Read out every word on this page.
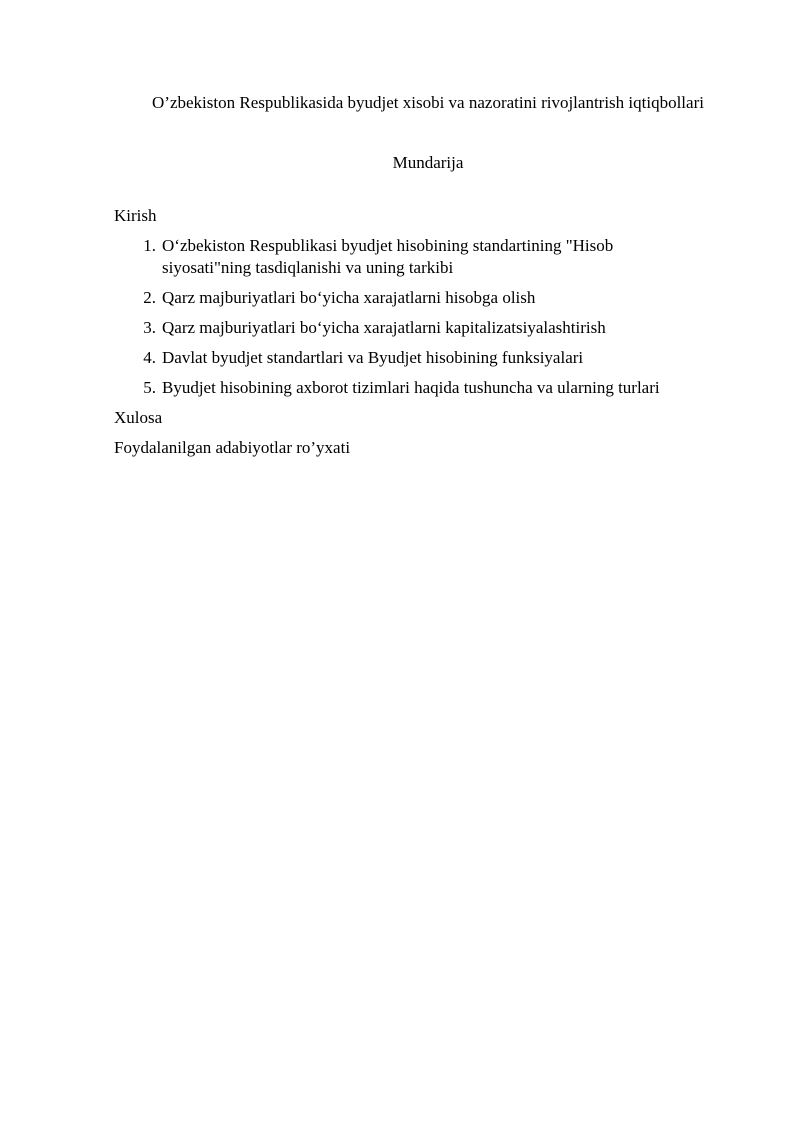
O’zbekiston Respublikasida byudjet xisobi va nazoratini rivojlantrish iqtiqbollari
Mundarija
Kirish
1. O‘zbekiston Respublikasi byudjet hisobining standartining "Hisob siyosati"ning tasdiqlanishi va uning tarkibi
2. Qarz majburiyatlari bo‘yicha xarajatlarni hisobga olish
3. Qarz majburiyatlari bo‘yicha xarajatlarni kapitalizatsiyalashtirish
4. Davlat byudjet standartlari va Byudjet hisobining funksiyalari
5. Byudjet hisobining axborot tizimlari haqida tushuncha va ularning turlari
Xulosa
Foydalanilgan adabiyotlar ro’yxati
